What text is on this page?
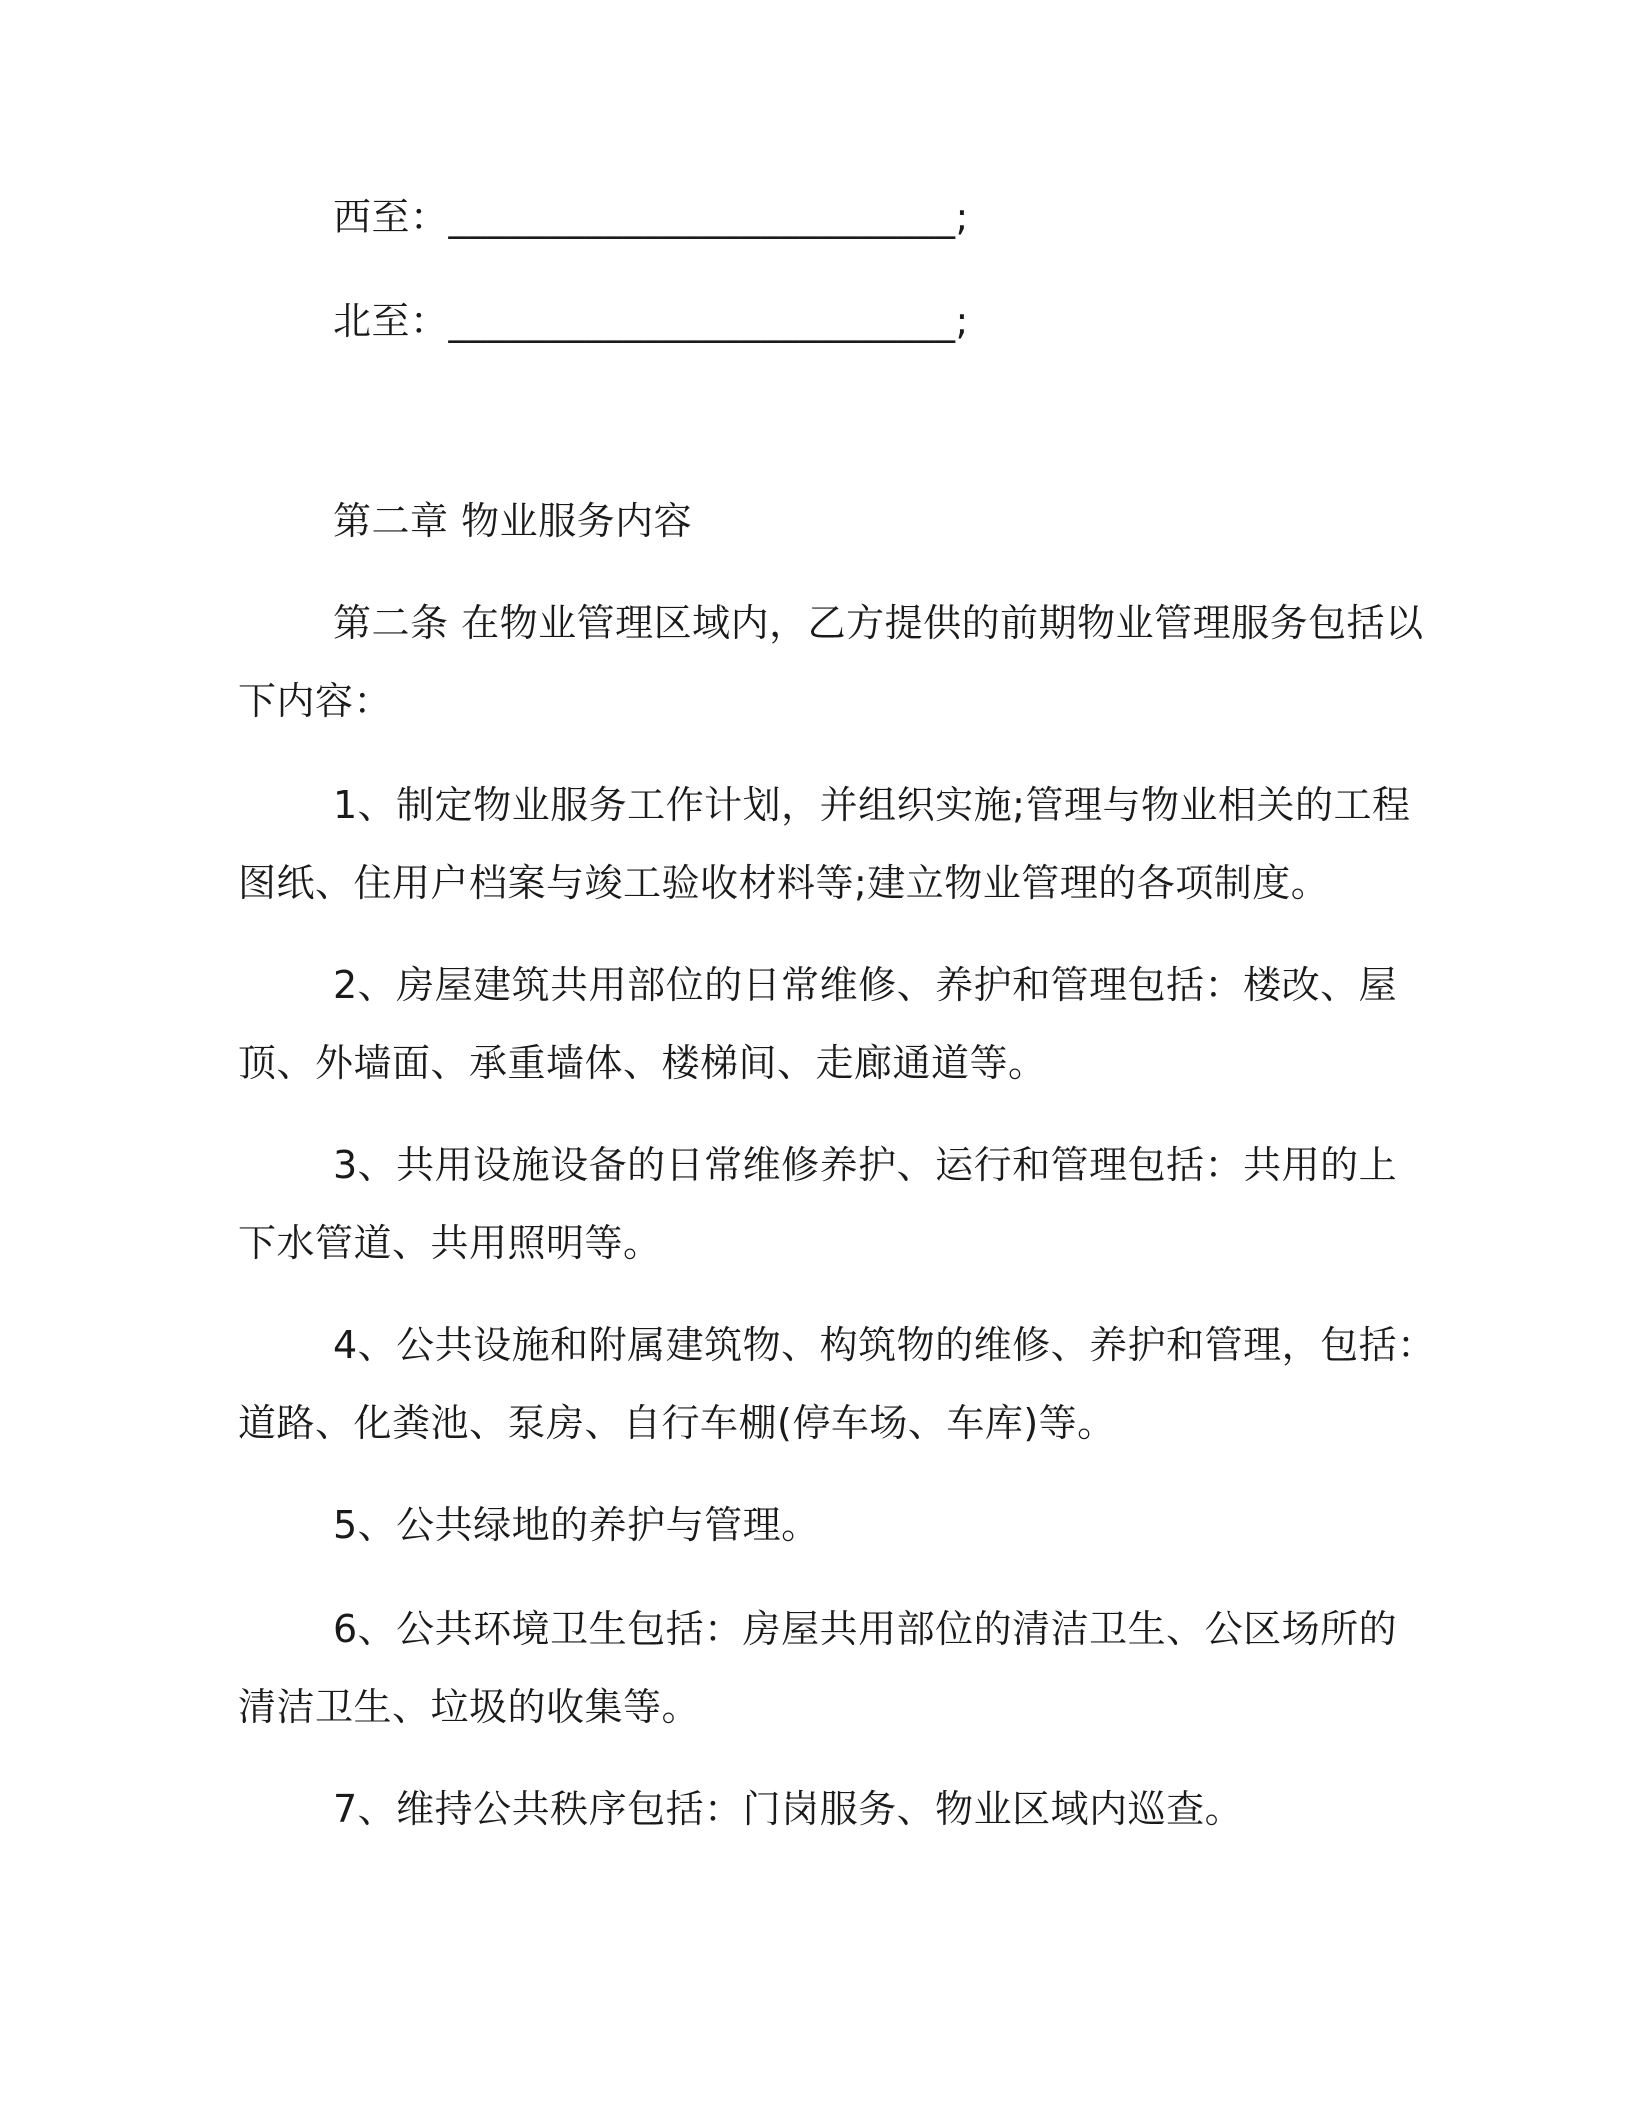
西至：__________________________;
北至：__________________________;
第二章 物业服务内容
第二条 在物业管理区域内，乙方提供的前期物业管理服务包括以
下内容：
1、制定物业服务工作计划，并组织实施;管理与物业相关的工程
图纸、住用户档案与竣工验收材料等;建立物业管理的各项制度。
2、房屋建筑共用部位的日常维修、养护和管理包括：楼改、屋
顶、外墙面、承重墙体、楼梯间、走廊通道等。
3、共用设施设备的日常维修养护、运行和管理包括：共用的上
下水管道、共用照明等。
4、公共设施和附属建筑物、构筑物的维修、养护和管理，包括：
道路、化粪池、泵房、自行车棚(停车场、车库)等。
5、公共绿地的养护与管理。
6、公共环境卫生包括：房屋共用部位的清洁卫生、公区场所的
清洁卫生、垃圾的收集等。
7、维持公共秩序包括：门岗服务、物业区域内巡查。
